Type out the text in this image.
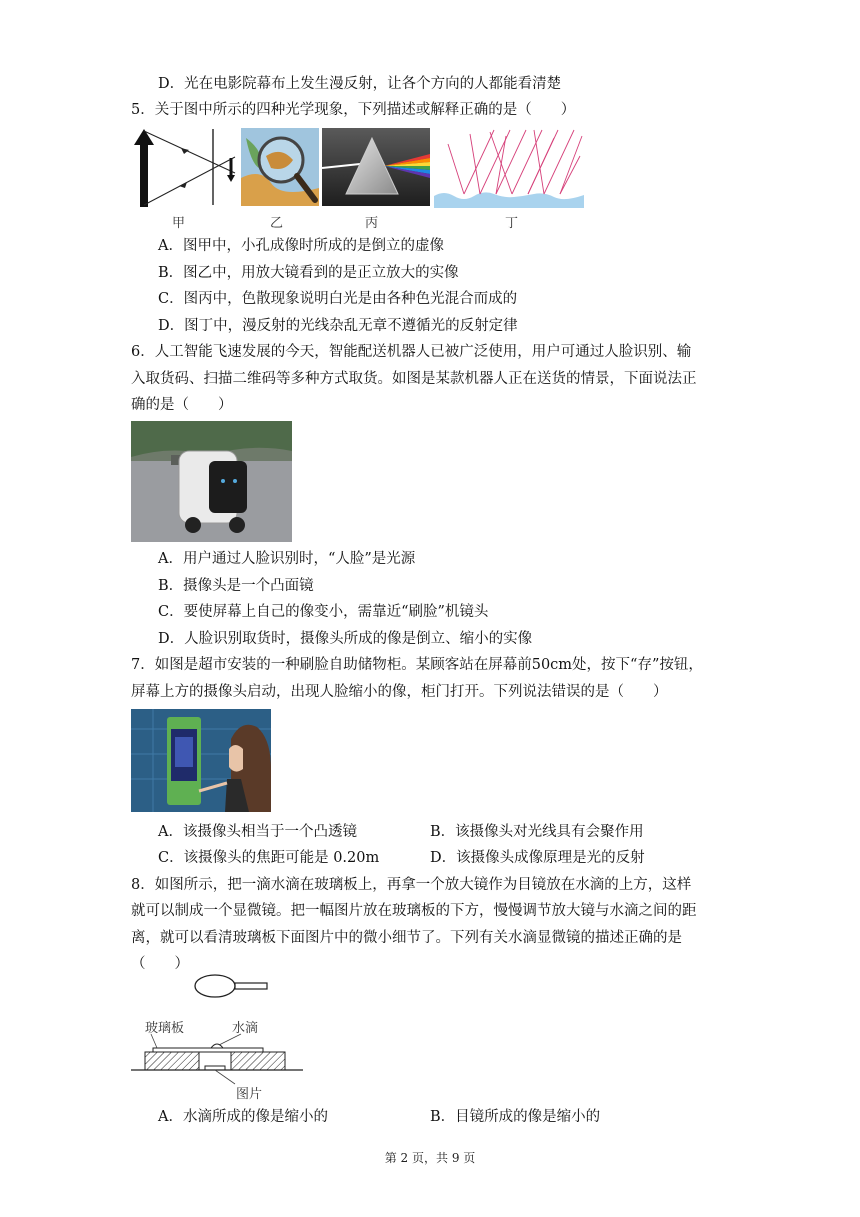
D．光在电影院幕布上发生漫反射，让各个方向的人都能看清楚
5．关于图中所示的四种光学现象，下列描述或解释正确的是（　　）
甲	乙	丙	丁
A．图甲中，小孔成像时所成的是倒立的虚像
B．图乙中，用放大镜看到的是正立放大的实像
C．图丙中，色散现象说明白光是由各种色光混合而成的
D．图丁中，漫反射的光线杂乱无章不遵循光的反射定律
6．人工智能飞速发展的今天，智能配送机器人已被广泛使用，用户可通过人脸识别、输
入取货码、扫描二维码等多种方式取货。如图是某款机器人正在送货的情景，下面说法正
确的是（　　）
A．用户通过人脸识别时，“人脸”是光源
B．摄像头是一个凸面镜
C．要使屏幕上自己的像变小，需靠近“刷脸”机镜头
D．人脸识别取货时，摄像头所成的像是倒立、缩小的实像
7．如图是超市安装的一种刷脸自助储物柜。某顾客站在屏幕前50cm处，按下“存”按钮，
屏幕上方的摄像头启动，出现人脸缩小的像，柜门打开。下列说法错误的是（　　）
A．该摄像头相当于一个凸透镜	B．该摄像头对光线具有会聚作用
C．该摄像头的焦距可能是 0.20m	D．该摄像头成像原理是光的反射
8．如图所示，把一滴水滴在玻璃板上，再拿一个放大镜作为目镜放在水滴的上方，这样
就可以制成一个显微镜。把一幅图片放在玻璃板的下方，慢慢调节放大镜与水滴之间的距
离，就可以看清玻璃板下面图片中的微小细节了。下列有关水滴显微镜的描述正确的是
（　　）
玻璃板	水滴
图片
A．水滴所成的像是缩小的	B．目镜所成的像是缩小的
第 2 页，共 9 页
